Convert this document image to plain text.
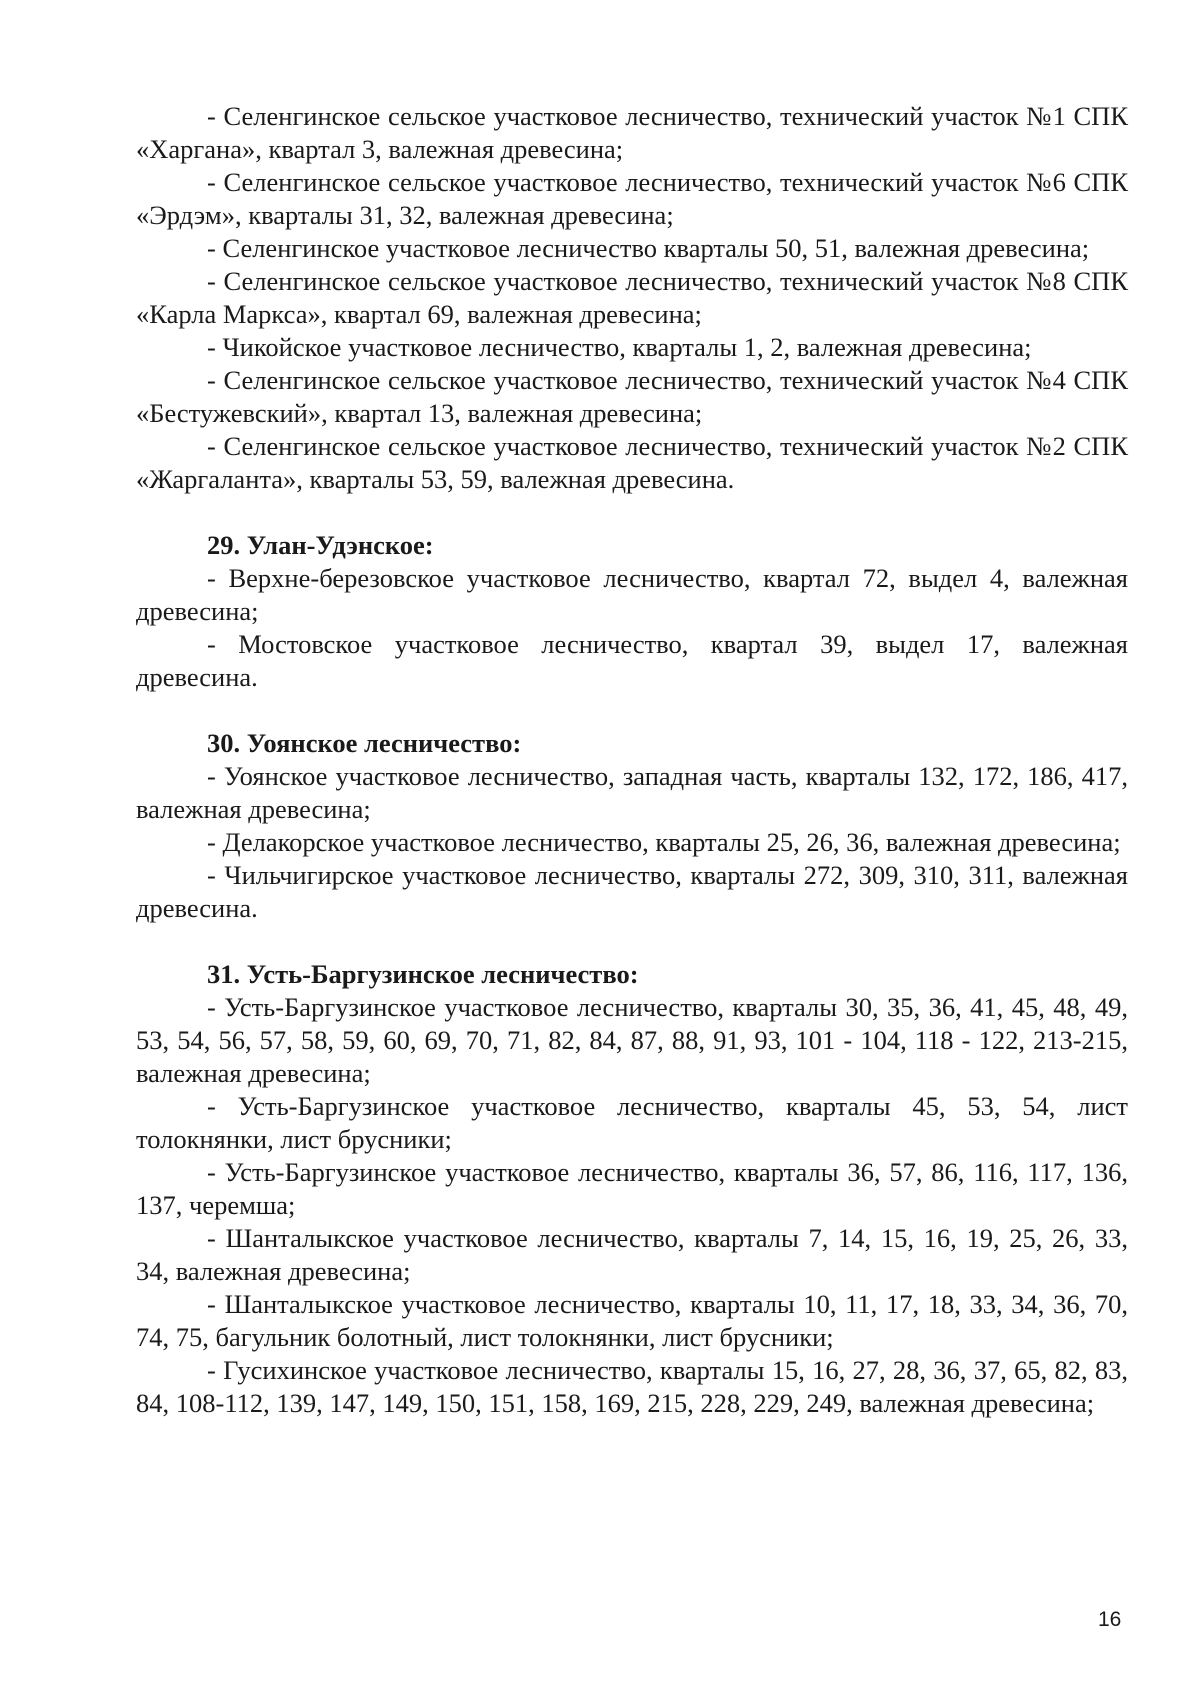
- Селенгинское сельское участковое лесничество, технический участок №1 СПК «Харгана», квартал 3, валежная древесина;

- Селенгинское сельское участковое лесничество, технический участок №6 СПК «Эрдэм», кварталы 31, 32, валежная древесина;

- Селенгинское участковое лесничество кварталы 50, 51, валежная древесина;

- Селенгинское сельское участковое лесничество, технический участок №8 СПК «Карла Маркса», квартал 69, валежная древесина;

- Чикойское участковое лесничество, кварталы 1, 2, валежная древесина;

- Селенгинское сельское участковое лесничество, технический участок №4 СПК «Бестужевский», квартал 13, валежная древесина;

- Селенгинское сельское участковое лесничество, технический участок №2 СПК «Жаргаланта», кварталы 53, 59, валежная древесина.

29. Улан-Удэнское:

- Верхне-березовское участковое лесничество, квартал 72, выдел 4, валежная древесина;

- Мостовское участковое лесничество, квартал 39, выдел 17, валежная древесина.

30. Уоянское лесничество:

- Уоянское участковое лесничество, западная часть, кварталы 132, 172, 186, 417, валежная древесина;

- Делакорское участковое лесничество, кварталы 25, 26, 36, валежная древесина;

- Чильчигирское участковое лесничество, кварталы 272, 309, 310, 311, валежная древесина.

31. Усть-Баргузинское лесничество:

- Усть-Баргузинское участковое лесничество, кварталы 30, 35, 36, 41, 45, 48, 49, 53, 54, 56, 57, 58, 59, 60, 69, 70, 71, 82, 84, 87, 88, 91, 93, 101 - 104, 118 - 122, 213-215, валежная древесина;

- Усть-Баргузинское участковое лесничество, кварталы 45, 53, 54, лист толокнянки, лист брусники;

- Усть-Баргузинское участковое лесничество, кварталы 36, 57, 86, 116, 117, 136, 137, черемша;

- Шанталыкское участковое лесничество, кварталы 7, 14, 15, 16, 19, 25, 26, 33, 34, валежная древесина;

- Шанталыкское участковое лесничество, кварталы 10, 11, 17, 18, 33, 34, 36, 70, 74, 75, багульник болотный, лист толокнянки, лист брусники;

- Гусихинское участковое лесничество, кварталы 15, 16, 27, 28, 36, 37, 65, 82, 83, 84, 108-112, 139, 147, 149, 150, 151, 158, 169, 215, 228, 229, 249, валежная древесина;

16
